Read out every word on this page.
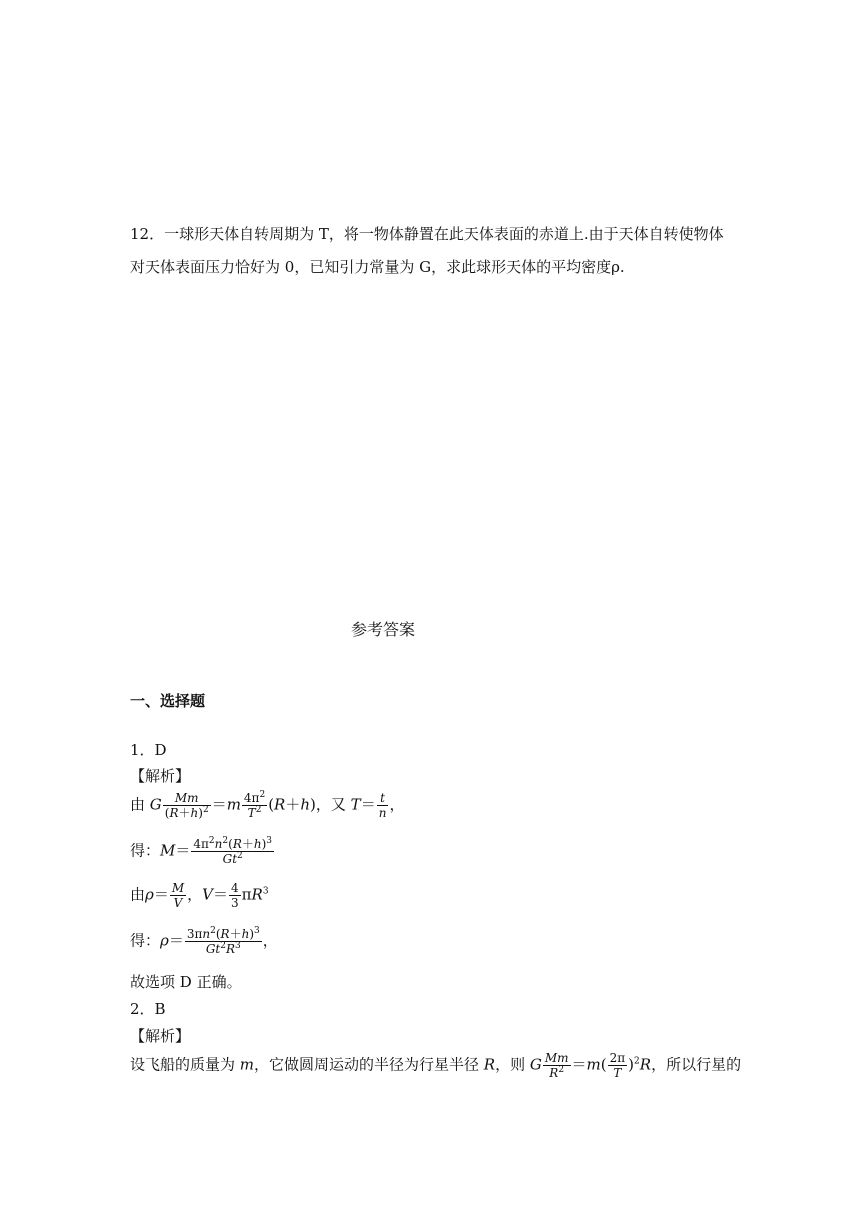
12．一球形天体自转周期为 T，将一物体静置在此天体表面的赤道上.由于天体自转使物体
对天体表面压力恰好为 0，已知引力常量为 G，求此球形天体的平均密度ρ.
参考答案
一、选择题
1．D
【解析】
由 G $\frac{Mm}{(R+h)^2} =m \frac{4\pi^2}{T^2} (R+h)$，又 $T= \frac{t}{n}$ ，
得：$M= \frac{4\pi^2n^2(R+h)^3}{Gt^2}$
由$\rho= \frac{M}{V}$ ，$V= \frac{4}{3} \pi R^3$
得：$\rho= \frac{3\pi n^2(R+h)^3}{Gt^2R^3}$ ，
故选项 D 正确。
2．B
【解析】
设飞船的质量为 m，它做圆周运动的半径为行星半径 R，则 G $\frac{Mm}{R^2} =m( \frac{2\pi}{T} )^2R$，所以行星的
